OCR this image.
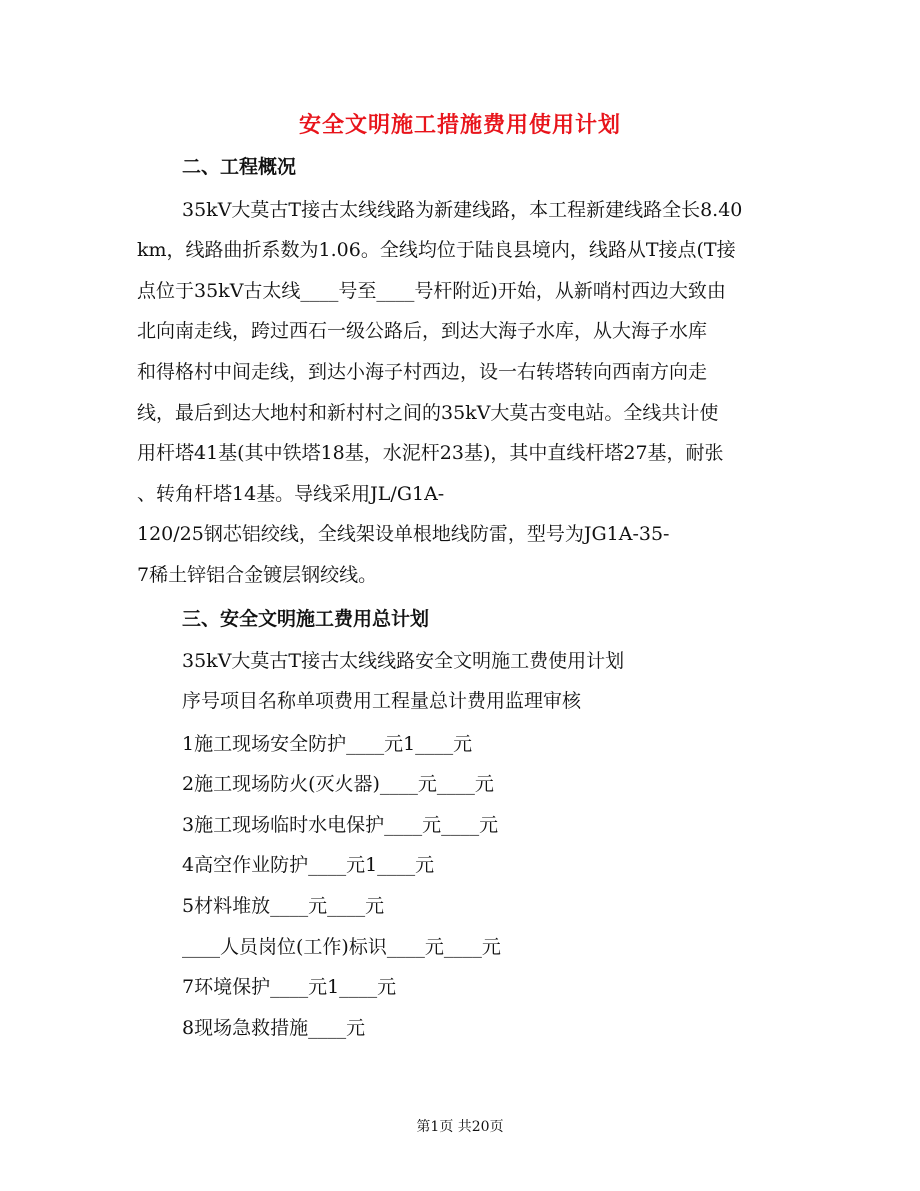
安全文明施工措施费用使用计划
二、工程概况
35kV大莫古T接古太线线路为新建线路，本工程新建线路全长8.40
km，线路曲折系数为1.06。全线均位于陆良县境内，线路从T接点(T接
点位于35kV古太线____号至____号杆附近)开始，从新哨村西边大致由
北向南走线，跨过西石一级公路后，到达大海子水库，从大海子水库
和得格村中间走线，到达小海子村西边，设一右转塔转向西南方向走
线，最后到达大地村和新村村之间的35kV大莫古变电站。全线共计使
用杆塔41基(其中铁塔18基，水泥杆23基)，其中直线杆塔27基，耐张
、转角杆塔14基。导线采用JL/G1A-
120/25钢芯铝绞线，全线架设单根地线防雷，型号为JG1A-35-
7稀土锌铝合金镀层钢绞线。
三、安全文明施工费用总计划
35kV大莫古T接古太线线路安全文明施工费使用计划
序号项目名称单项费用工程量总计费用监理审核
1施工现场安全防护____元1____元
2施工现场防火(灭火器)____元____元
3施工现场临时水电保护____元____元
4高空作业防护____元1____元
5材料堆放____元____元
____人员岗位(工作)标识____元____元
7环境保护____元1____元
8现场急救措施____元
第1页 共20页
